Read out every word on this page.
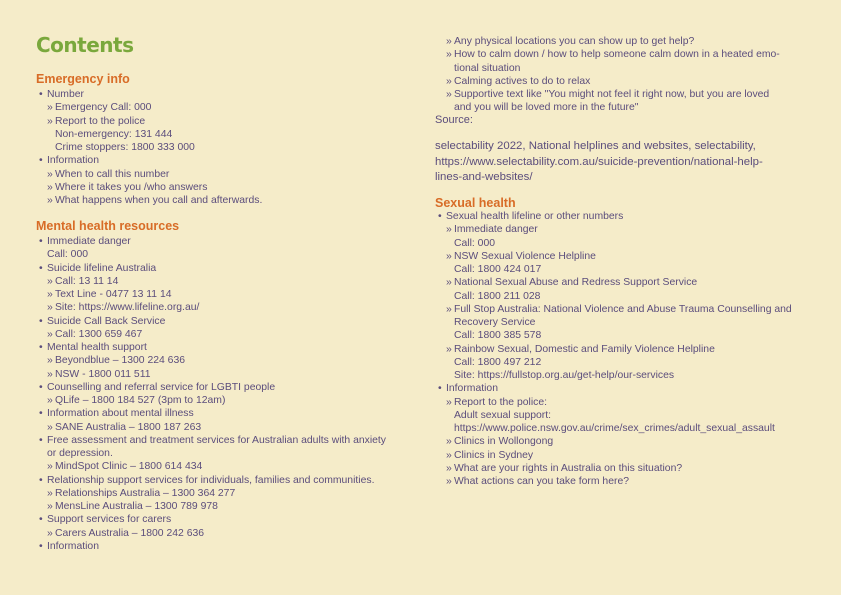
Contents
Emergency info
• Number
» Emergency Call: 000
» Report to the police
Non-emergency: 131 444
Crime stoppers: 1800 333 000
• Information
» When to call this number
» Where it takes you /who answers
» What happens when you call and afterwards.
Mental health resources
• Immediate danger
Call: 000
• Suicide lifeline Australia
» Call: 13 11 14
» Text Line - 0477 13 11 14
» Site: https://www.lifeline.org.au/
• Suicide Call Back Service
» Call: 1300 659 467
• Mental health support
» Beyondblue – 1300 224 636
» NSW - 1800 011 511
• Counselling and referral service for LGBTI people
» QLife – 1800 184 527 (3pm to 12am)
• Information about mental illness
» SANE Australia – 1800 187 263
• Free assessment and treatment services for Australian adults with anxiety
or depression.
» MindSpot Clinic – 1800 614 434
• Relationship support services for individuals, families and communities.
» Relationships Australia – 1300 364 277
» MensLine Australia – 1300 789 978
• Support services for carers
» Carers Australia – 1800 242 636
• Information
» Any physical locations you can show up to get help?
» How to calm down / how to help someone calm down in a heated emo-
tional situation
» Calming actives to do to relax
» Supportive text like "You might not feel it right now, but you are loved
and you will be loved more in the future"
Source:
selectability 2022, National helplines and websites, selectability,
https://www.selectability.com.au/suicide-prevention/national-help-
lines-and-websites/
Sexual health
• Sexual health lifeline or other numbers
» Immediate danger
Call: 000
» NSW Sexual Violence Helpline
Call: 1800 424 017
» National Sexual Abuse and Redress Support Service
Call: 1800 211 028
» Full Stop Australia: National Violence and Abuse Trauma Counselling and
Recovery Service
Call: 1800 385 578
» Rainbow Sexual, Domestic and Family Violence Helpline
Call: 1800 497 212
Site: https://fullstop.org.au/get-help/our-services
• Information
» Report to the police:
Adult sexual support:
https://www.police.nsw.gov.au/crime/sex_crimes/adult_sexual_assault
» Clinics in Wollongong
» Clinics in Sydney
» What are your rights in Australia on this situation?
» What actions can you take form here?
